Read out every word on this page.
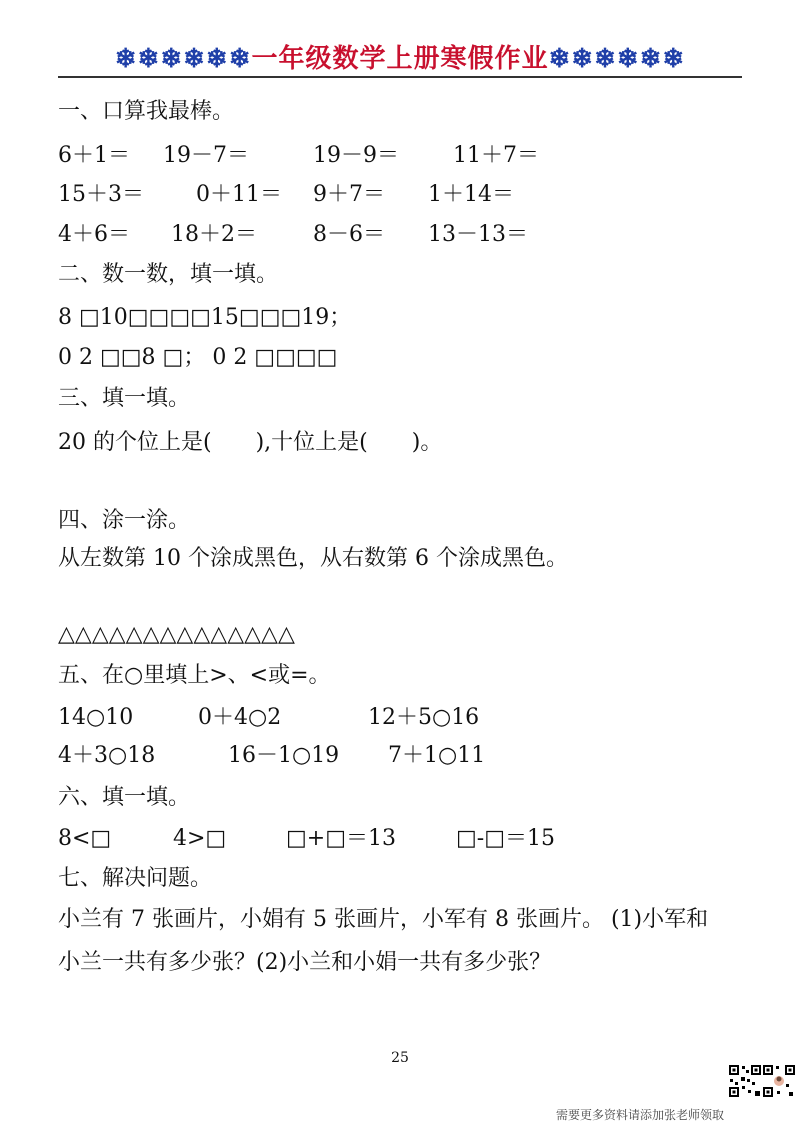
❄❄❄❄❄❄一年级数学上册寒假作业❄❄❄❄❄❄
一、口算我最棒。
6＋1＝ 19－7＝	19－9＝ 11＋7＝
15＋3＝ 0＋11＝ 9＋7＝ 1＋14＝
4＋6＝ 18＋2＝	8－6＝ 13－13＝
二、数一数，填一填。
8 □10□□□□15□□□19；
0 2 □□8 □； 0 2 □□□□
三、填一填。
20 的个位上是(　　),十位上是(　　)。
四、涂一涂。
从左数第 10 个涂成黑色，从右数第 6 个涂成黑色。
△△△△△△△△△△△△△△
五、在○里填上>、<或=。
14○10	0＋4○2	12＋5○16
4＋3○18	16－1○19 7＋1○11
六、填一填。
8<□	4>□	□+□＝13	□-□＝15
七、解决问题。
小兰有 7 张画片，小娟有 5 张画片，小军有 8 张画片。 (1)小军和
小兰一共有多少张？(2)小兰和小娟一共有多少张？
25
需要更多资料请添加张老师领取
